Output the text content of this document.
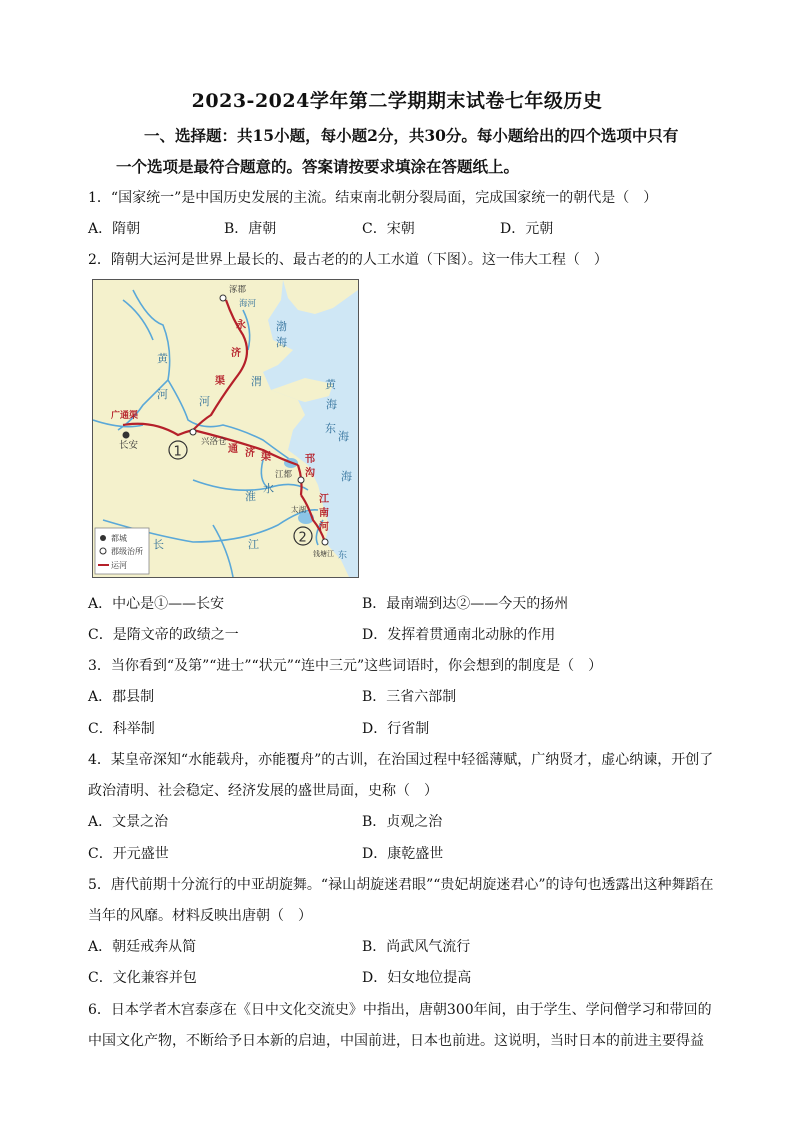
2023-2024学年第二学期期末试卷七年级历史
一、选择题：共15小题，每小题2分，共30分。每小题给出的四个选项中只有
一个选项是最符合题意的。答案请按要求填涂在答题纸上。
1．“国家统一”是中国历史发展的主流。结束南北朝分裂局面，完成国家统一的朝代是（　）
A．隋朝	B．唐朝	C．宋朝	D．元朝
2．隋朝大运河是世界上最长的、最古老的的人工水道（下图）。这一伟大工程（　）
涿郡
海河
长安	兴洛仓
江都
太湖
钱塘江
渤
海
黄
河
黄
海
东
海
海
渭
河
淮
水
长	江
东
永
济
渠
通 济 渠	邗
沟
江
南
河
广通渠
1
2
都城
郡级治所
运河
A．中心是①——长安	B．最南端到达②——今天的扬州
C．是隋文帝的政绩之一	D．发挥着贯通南北动脉的作用
3．当你看到“及第”“进士”“状元”“连中三元”这些词语时，你会想到的制度是（　）
A．郡县制	B．三省六部制
C．科举制	D．行省制
4．某皇帝深知“水能载舟，亦能覆舟”的古训，在治国过程中轻徭薄赋，广纳贤才，虚心纳谏，开创了
政治清明、社会稳定、经济发展的盛世局面，史称（　）
A．文景之治	B．贞观之治
C．开元盛世	D．康乾盛世
5．唐代前期十分流行的中亚胡旋舞。“禄山胡旋迷君眼”“贵妃胡旋迷君心”的诗句也透露出这种舞蹈在
当年的风靡。材料反映出唐朝（　）
A．朝廷戒奔从简	B．尚武风气流行
C．文化兼容并包	D．妇女地位提高
6．日本学者木宫泰彦在《日中文化交流史》中指出，唐朝300年间，由于学生、学问僧学习和带回的
中国文化产物，不断给予日本新的启迪，中国前进，日本也前进。这说明，当时日本的前进主要得益
